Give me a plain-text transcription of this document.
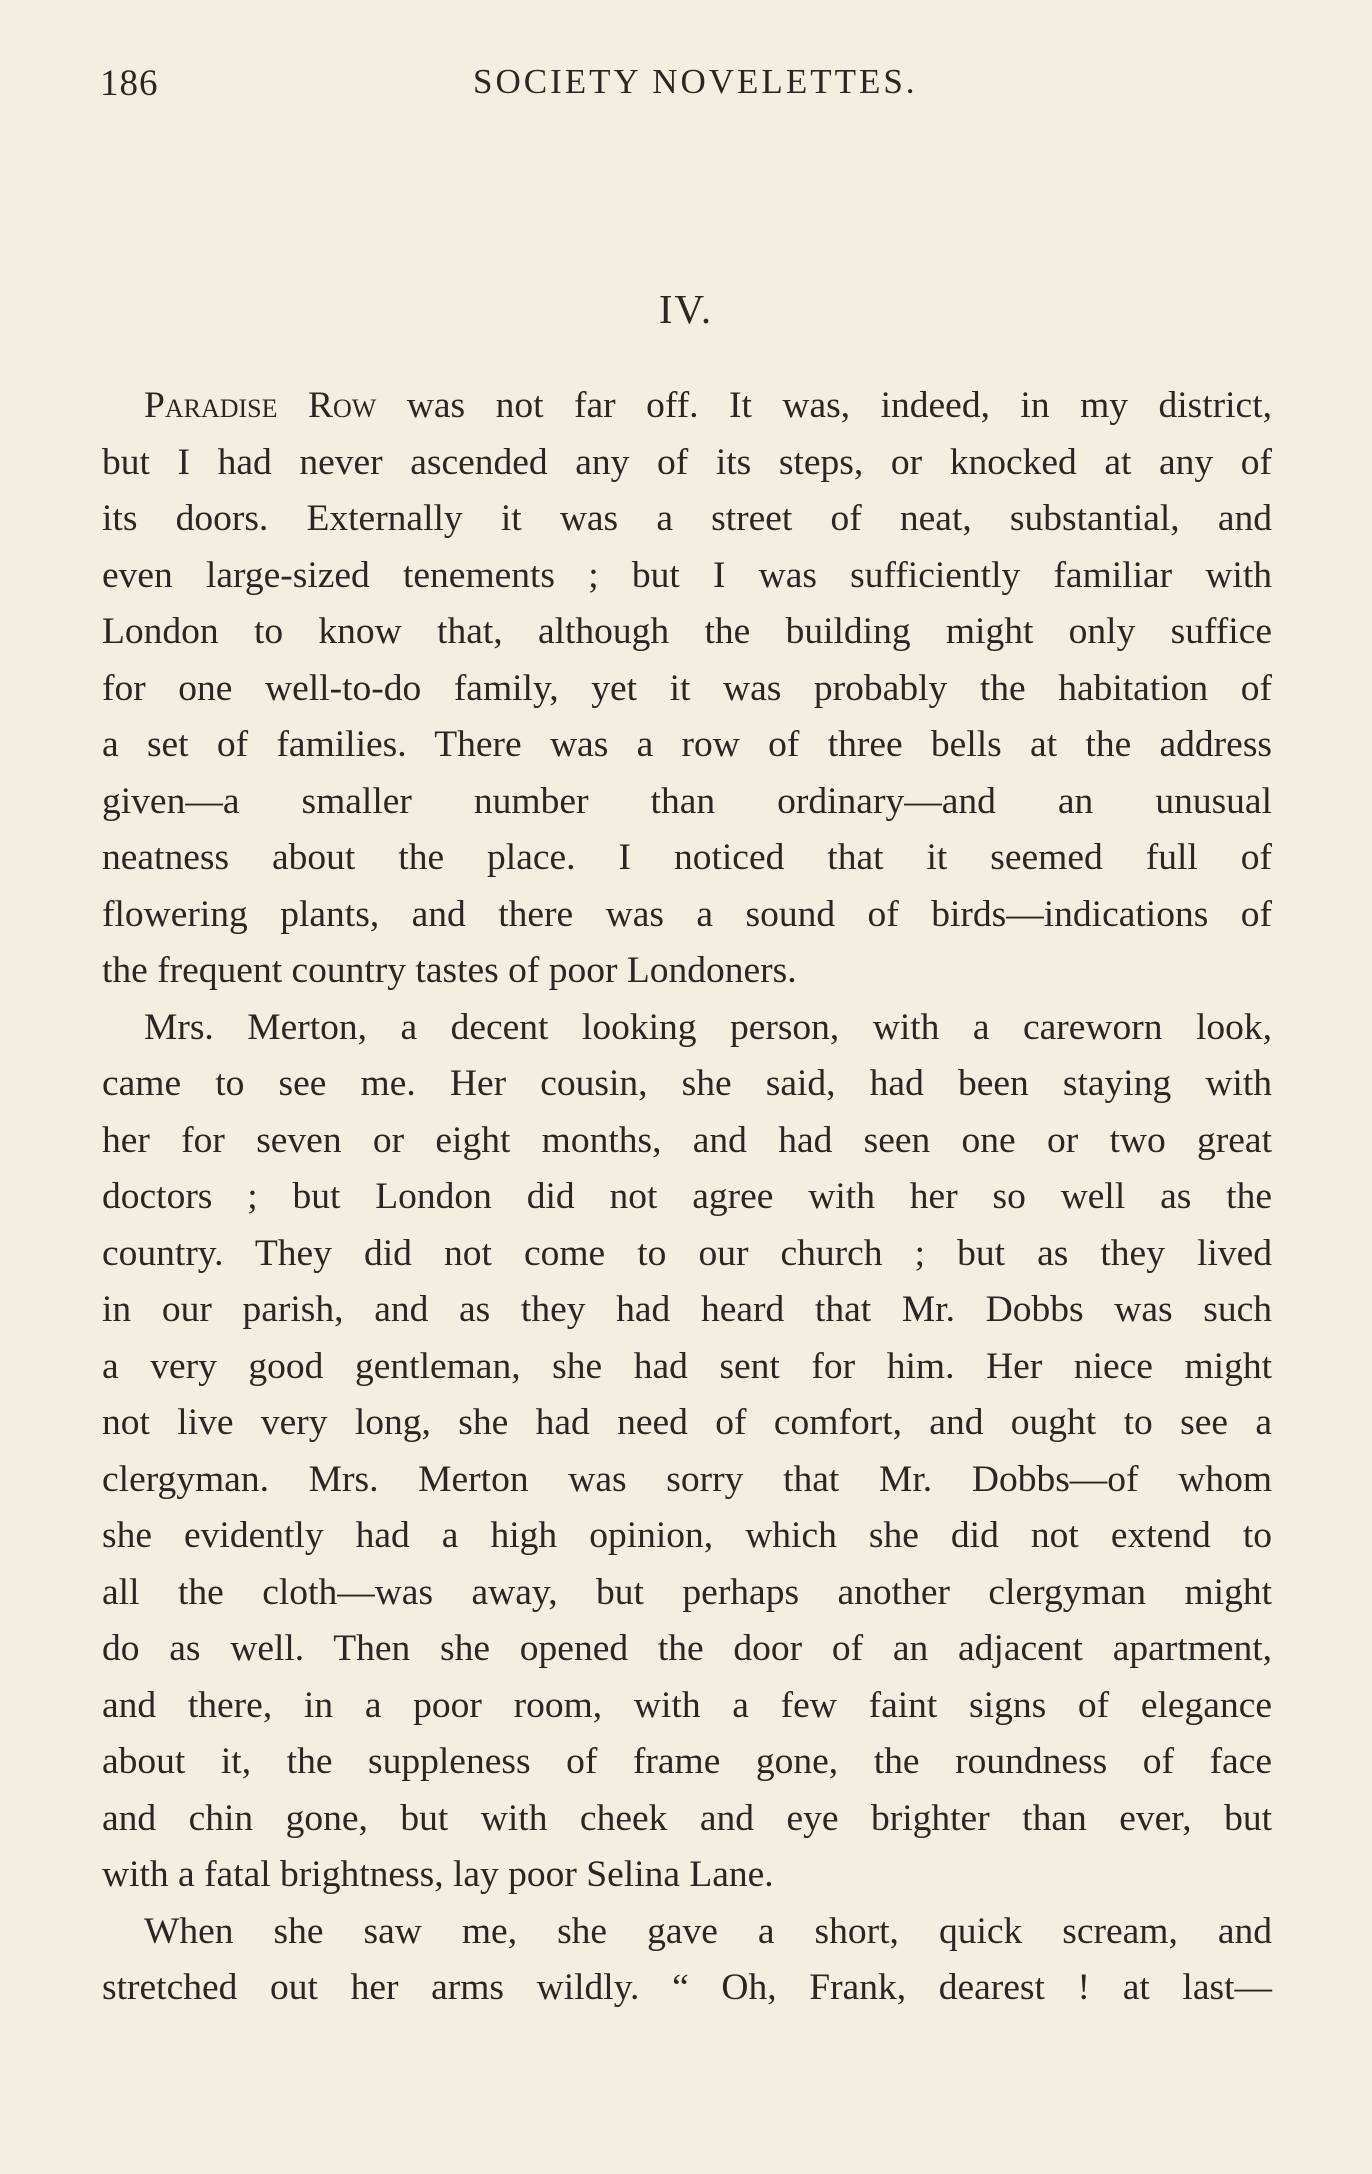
186	SOCIETY NOVELETTES.
IV.
Paradise Row was not far off. It was, indeed, in my district,
but I had never ascended any of its steps, or knocked at any of
its doors. Externally it was a street of neat, substantial, and
even large-sized tenements ; but I was sufficiently familiar with
London to know that, although the building might only suffice
for one well-to-do family, yet it was probably the habitation of
a set of families. There was a row of three bells at the address
given—a smaller number than ordinary—and an unusual
neatness about the place. I noticed that it seemed full of
flowering plants, and there was a sound of birds—indications of
the frequent country tastes of poor Londoners.
Mrs. Merton, a decent looking person, with a careworn look,
came to see me. Her cousin, she said, had been staying with
her for seven or eight months, and had seen one or two great
doctors ; but London did not agree with her so well as the
country. They did not come to our church ; but as they lived
in our parish, and as they had heard that Mr. Dobbs was such
a very good gentleman, she had sent for him. Her niece might
not live very long, she had need of comfort, and ought to see a
clergyman. Mrs. Merton was sorry that Mr. Dobbs—of whom
she evidently had a high opinion, which she did not extend to
all the cloth—was away, but perhaps another clergyman might
do as well. Then she opened the door of an adjacent apartment,
and there, in a poor room, with a few faint signs of elegance
about it, the suppleness of frame gone, the roundness of face
and chin gone, but with cheek and eye brighter than ever, but
with a fatal brightness, lay poor Selina Lane.
When she saw me, she gave a short, quick scream, and
stretched out her arms wildly. “ Oh, Frank, dearest ! at last—
